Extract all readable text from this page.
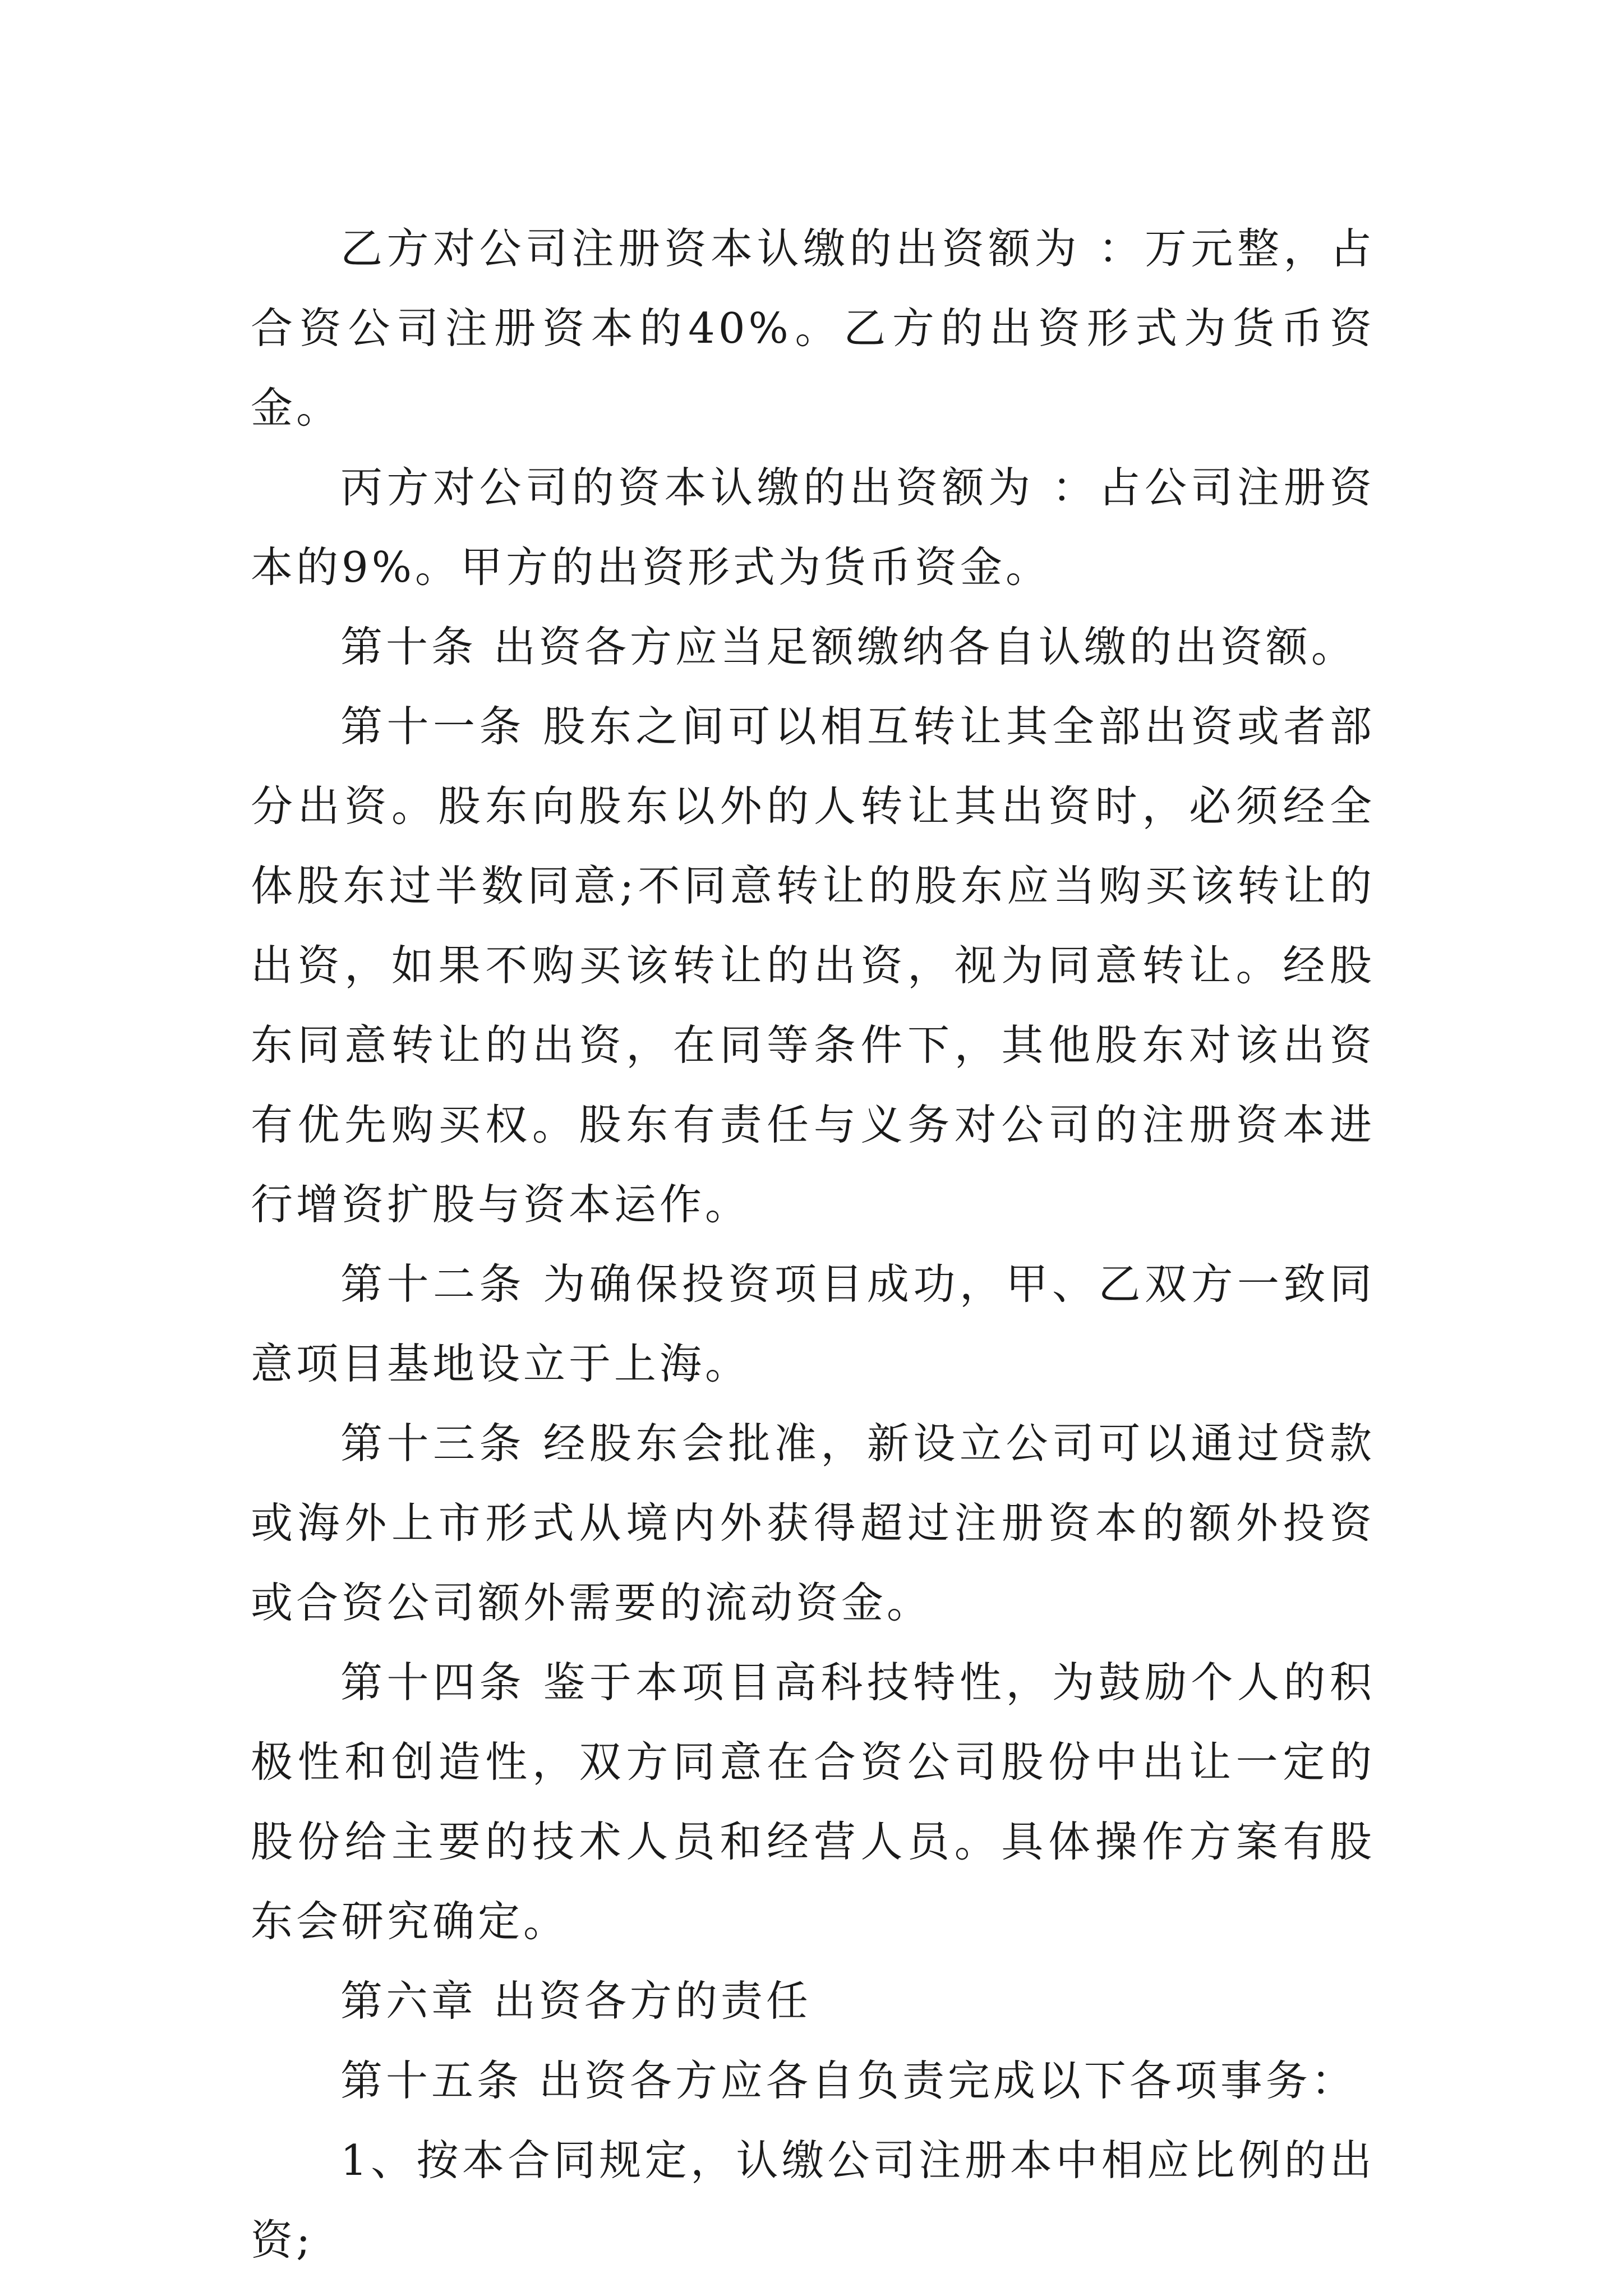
乙方对公司注册资本认缴的出资额为 ：万元整，占合资公司注册资本的40%。乙方的出资形式为货币资金。

丙方对公司的资本认缴的出资额为 ：占公司注册资本的9%。甲方的出资形式为货币资金。

第十条 出资各方应当足额缴纳各自认缴的出资额。

第十一条 股东之间可以相互转让其全部出资或者部分出资。股东向股东以外的人转让其出资时，必须经全体股东过半数同意;不同意转让的股东应当购买该转让的出资，如果不购买该转让的出资，视为同意转让。经股东同意转让的出资，在同等条件下，其他股东对该出资有优先购买权。股东有责任与义务对公司的注册资本进行增资扩股与资本运作。

第十二条 为确保投资项目成功，甲、乙双方一致同意项目基地设立于上海。

第十三条 经股东会批准，新设立公司可以通过贷款或海外上市形式从境内外获得超过注册资本的额外投资或合资公司额外需要的流动资金。

第十四条 鉴于本项目高科技特性，为鼓励个人的积极性和创造性，双方同意在合资公司股份中出让一定的股份给主要的技术人员和经营人员。具体操作方案有股东会研究确定。

第六章 出资各方的责任

第十五条 出资各方应各自负责完成以下各项事务：

1、按本合同规定，认缴公司注册本中相应比例的出资;
